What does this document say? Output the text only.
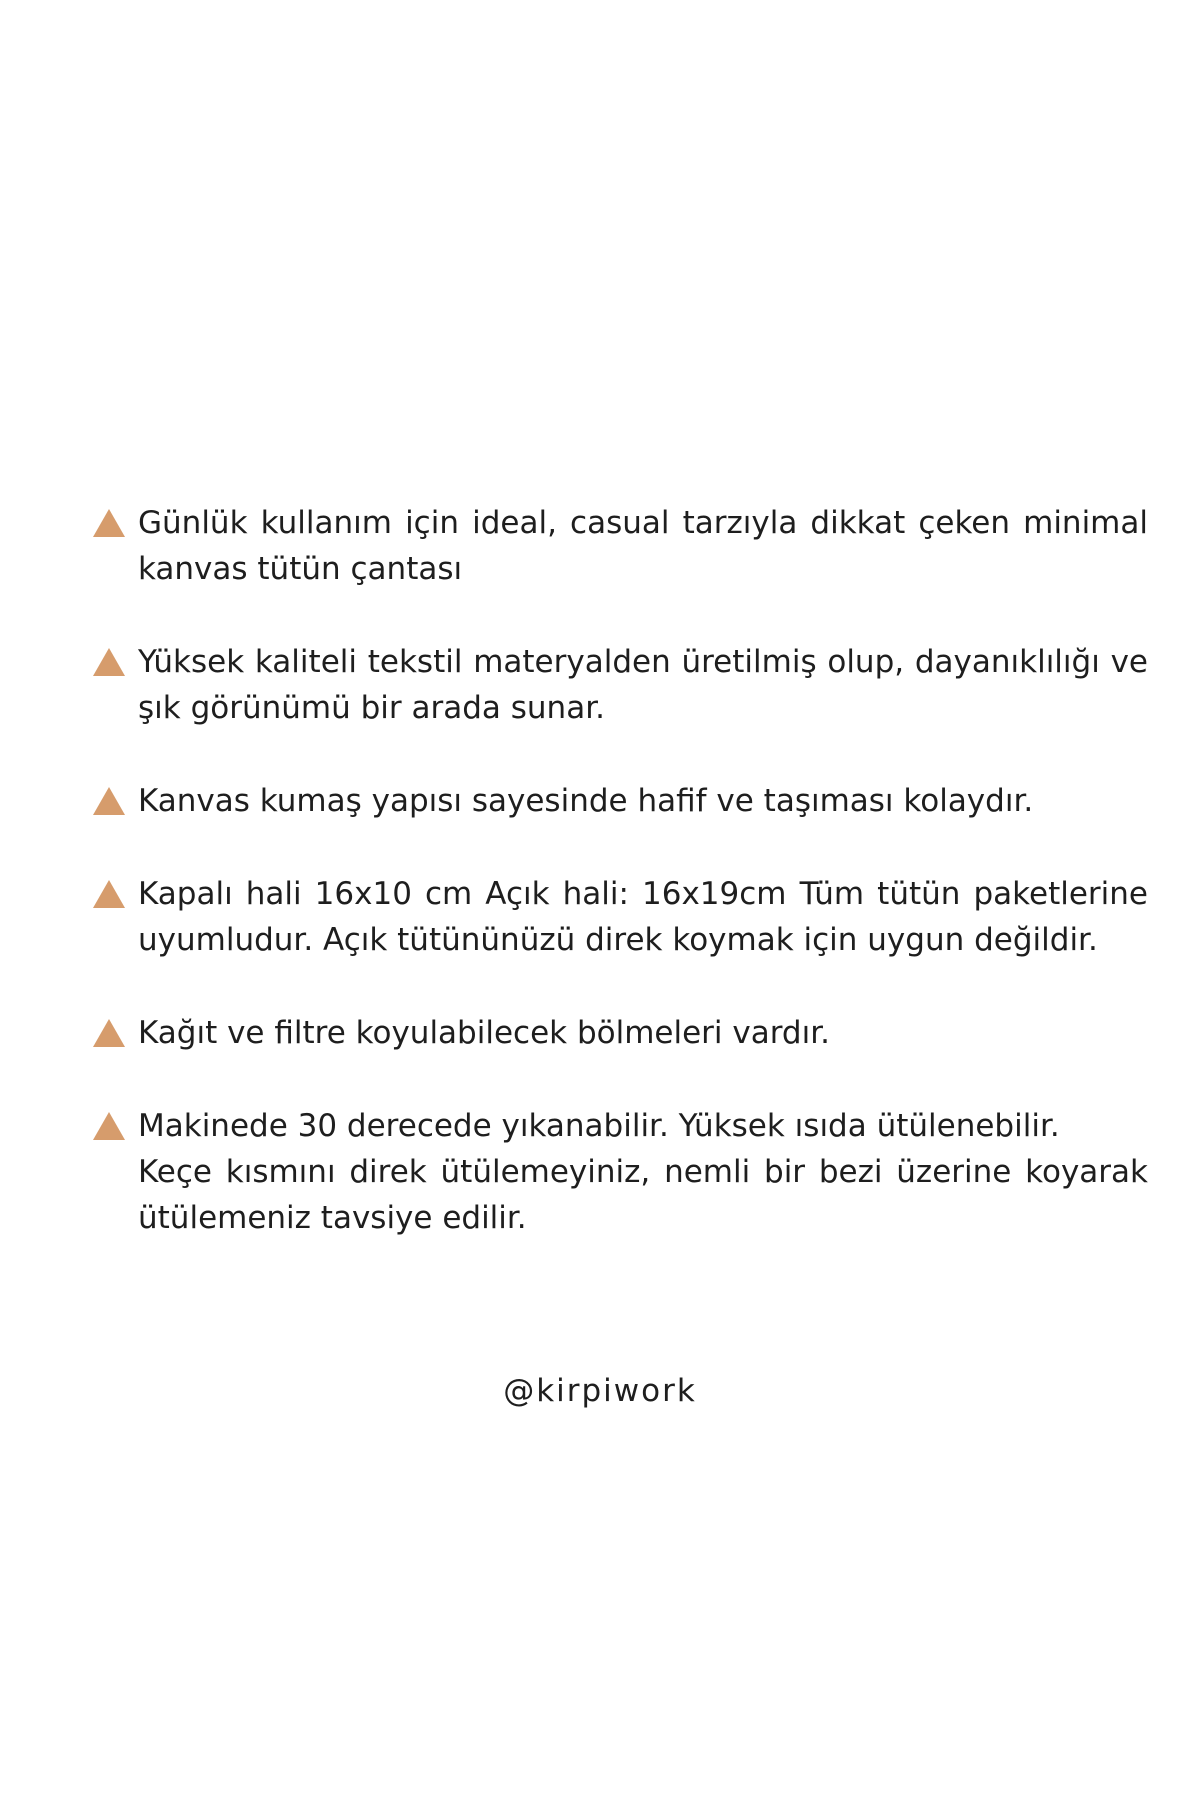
Günlük kullanım için ideal, casual tarzıyla dikkat çeken minimal kanvas tütün çantası

Yüksek kaliteli tekstil materyalden üretilmiş olup, dayanıklılığı ve şık görünümü bir arada sunar.

Kanvas kumaş yapısı sayesinde hafif ve taşıması kolaydır.

Kapalı hali 16x10 cm Açık hali: 16x19cm Tüm tütün paketlerine uyumludur. Açık tütününüzü direk koymak için uygun değildir.

Kağıt ve filtre koyulabilecek bölmeleri vardır.

Makinede 30 derecede yıkanabilir. Yüksek ısıda ütülenebilir.
Keçe kısmını direk ütülemeyiniz, nemli bir bezi üzerine koyarak ütülemeniz tavsiye edilir.

@kirpiwork
